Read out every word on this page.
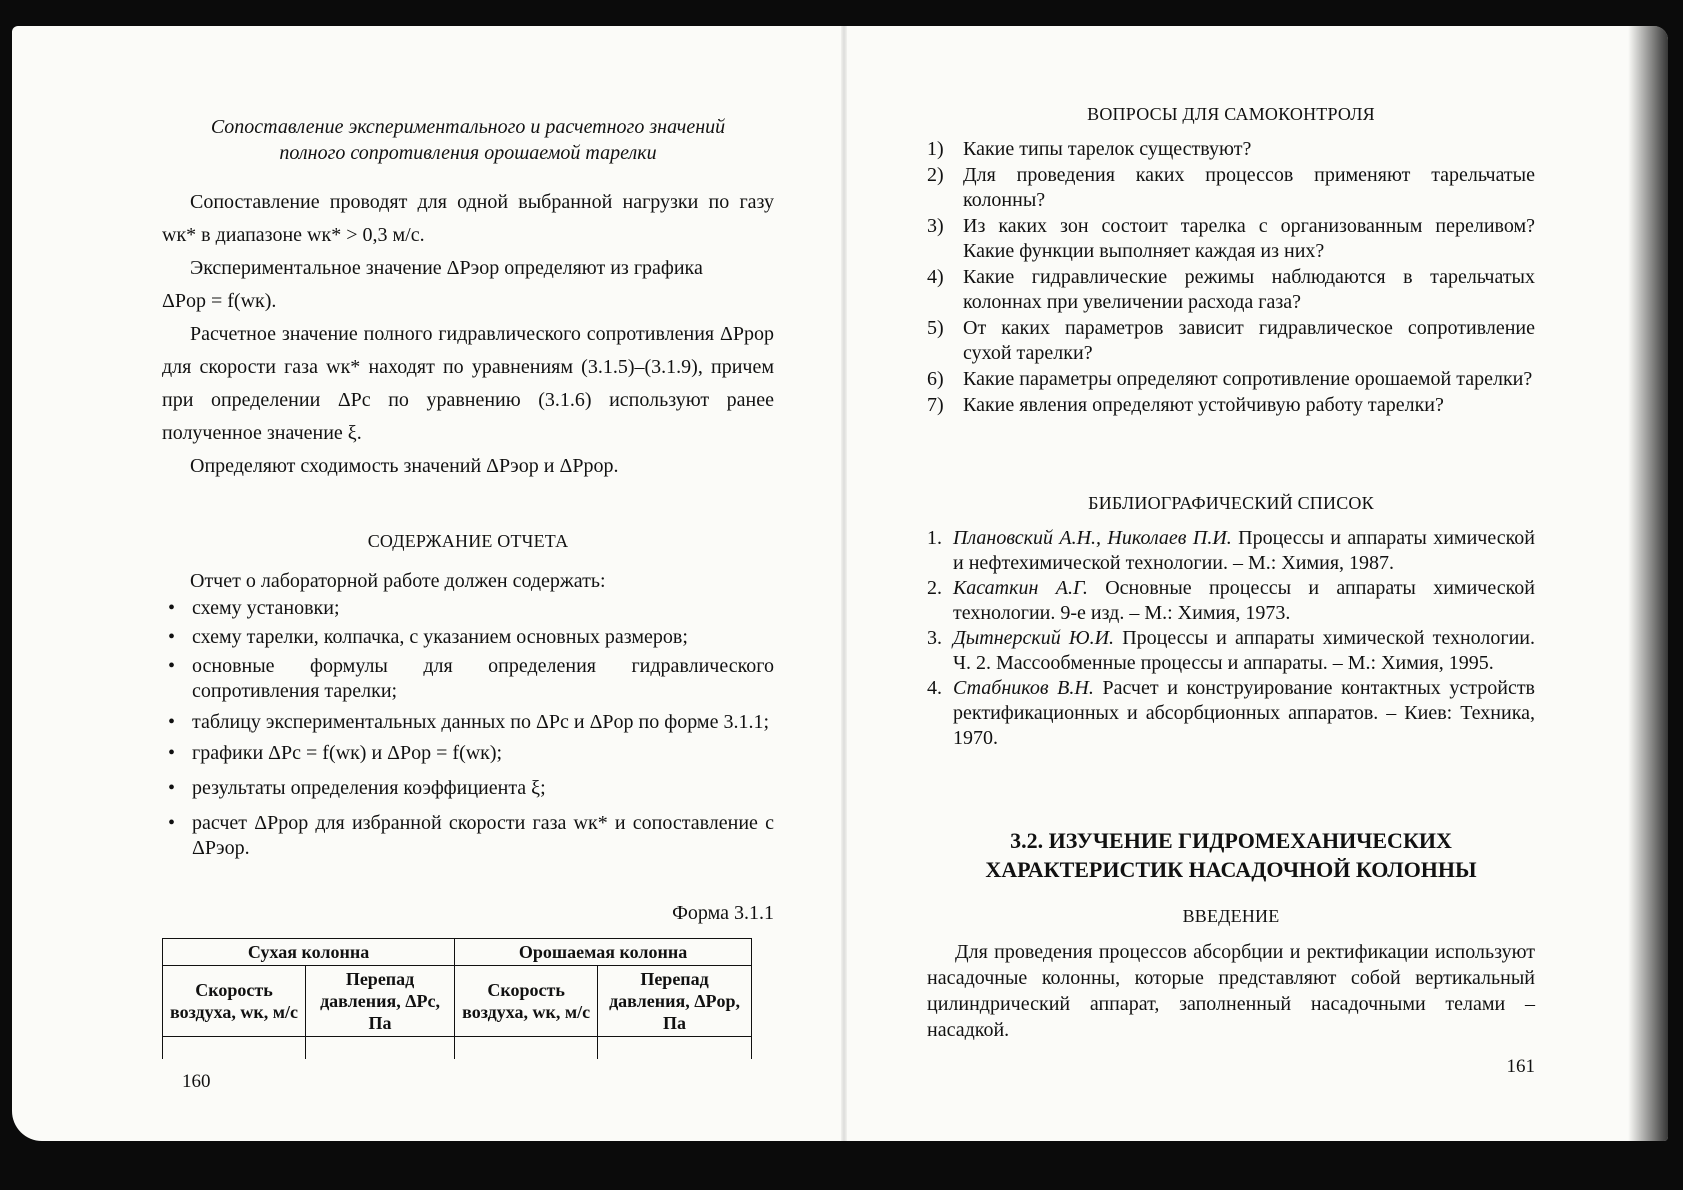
Сопоставление экспериментального и расчетного значений
полного сопротивления орошаемой тарелки

Сопоставление проводят для одной выбранной нагрузки по газу wк* в диапазоне wк* > 0,3 м/с.

Экспериментальное значение ΔPэор определяют из графика

ΔPор = f(wк).

Расчетное значение полного гидравлического сопротивления ΔPрор для скорости газа wк* находят по уравнениям (3.1.5)–(3.1.9), причем при определении ΔPc по уравнению (3.1.6) используют ранее полученное значение ξ.

Определяют сходимость значений ΔPэор и ΔPрор.

СОДЕРЖАНИЕ ОТЧЕТА

Отчет о лабораторной работе должен содержать:

• схему установки;
• схему тарелки, колпачка, с указанием основных размеров;
• основные формулы для определения гидравлического сопротивления тарелки;
• таблицу экспериментальных данных по ΔPc и ΔPор по форме 3.1.1;
• графики ΔPc = f(wк) и ΔPор = f(wк);
• результаты определения коэффициента ξ;
• расчет ΔPрор для избранной скорости газа wк* и сопоставление с ΔPэор.
Форма 3.1.1
Сухая колонна		Орошаемая колонна	
Скорость воздуха, wк, м/с	Перепад давления, ΔPc, Па	Скорость воздуха, wк, м/с	Перепад давления, ΔPор, Па

160

ВОПРОСЫ ДЛЯ САМОКОНТРОЛЯ

1) Какие типы тарелок существуют?
2) Для проведения каких процессов применяют тарельчатые колонны?
3) Из каких зон состоит тарелка с организованным переливом? Какие функции выполняет каждая из них?
4) Какие гидравлические режимы наблюдаются в тарельчатых колоннах при увеличении расхода газа?
5) От каких параметров зависит гидравлическое сопротивление сухой тарелки?
6) Какие параметры определяют сопротивление орошаемой тарелки?
7) Какие явления определяют устойчивую работу тарелки?

БИБЛИОГРАФИЧЕСКИЙ СПИСОК

1. Плановский А.Н., Николаев П.И. Процессы и аппараты химической и нефтехимической технологии. – М.: Химия, 1987.
2. Касаткин А.Г. Основные процессы и аппараты химической технологии. 9-е изд. – М.: Химия, 1973.
3. Дытнерский Ю.И. Процессы и аппараты химической технологии. Ч. 2. Массообменные процессы и аппараты. – М.: Химия, 1995.
4. Стабников В.Н. Расчет и конструирование контактных устройств ректификационных и абсорбционных аппаратов. – Киев: Техника, 1970.

3.2. ИЗУЧЕНИЕ ГИДРОМЕХАНИЧЕСКИХ

ХАРАКТЕРИСТИК НАСАДОЧНОЙ КОЛОННЫ

ВВЕДЕНИЕ

Для проведения процессов абсорбции и ректификации используют насадочные колонны, которые представляют собой вертикальный цилиндрический аппарат, заполненный насадочными телами – насадкой.

161
